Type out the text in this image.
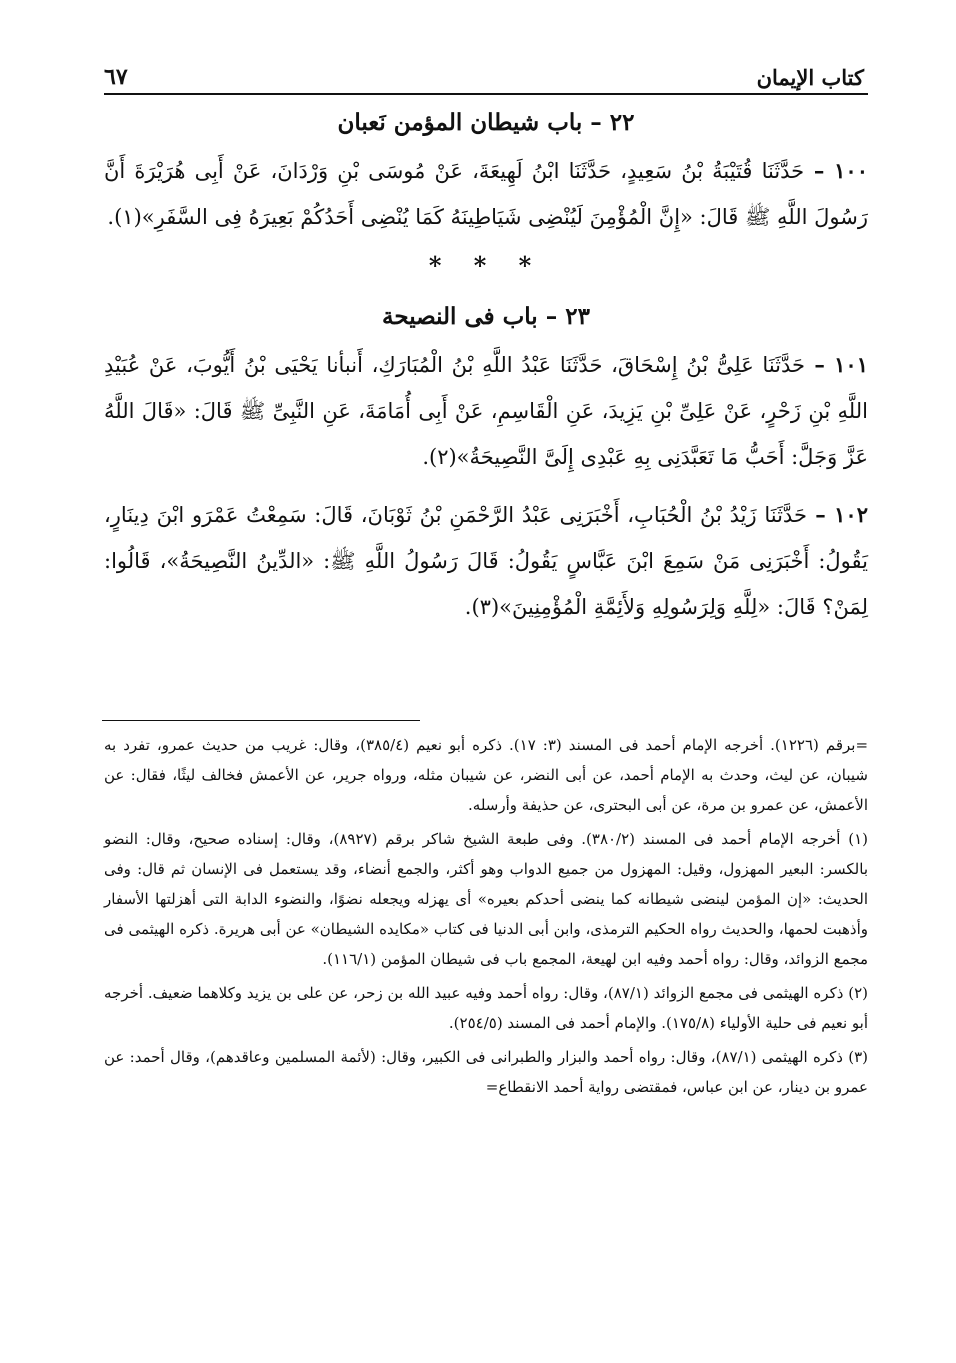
كتاب الإيمان
٦٧
٢٢ – باب شيطان المؤمن نَعبان

١٠٠ – حَدَّثَنَا قُتَيْبَةُ بْنُ سَعِيدٍ، حَدَّثَنَا ابْنُ لَهِيعَةَ، عَنْ مُوسَى بْنِ وَرْدَانَ، عَنْ أَبِى هُرَيْرَةَ أَنَّ رَسُولَ اللَّهِ ﷺ قَالَ: «إِنَّ الْمُؤْمِنَ لَيُنْضِى شَيَاطِينَهُ كَمَا يُنْضِى أَحَدُكُمْ بَعِيرَهُ فِى السَّفَرِ»(١).

* * *
٢٣ – باب فى النصيحة

١٠١ – حَدَّثَنَا عَلِىُّ بْنُ إِسْحَاقَ، حَدَّثَنَا عَبْدُ اللَّهِ بْنُ الْمُبَارَكِ، أَنبأنا يَحْيَى بْنُ أَيُّوبَ، عَنْ عُبَيْدِ اللَّهِ بْنِ زَحْرٍ، عَنْ عَلِىِّ بْنِ يَزِيدَ، عَنِ الْقَاسِمِ، عَنْ أَبِى أُمَامَةَ، عَنِ النَّبِىِّ ﷺ قَالَ: «قَالَ اللَّهُ عَزَّ وَجَلَّ: أَحَبُّ مَا تَعَبَّدَنِى بِهِ عَبْدِى إِلَىَّ النَّصِيحَةُ»(٢).

١٠٢ – حَدَّثَنَا زَيْدُ بْنُ الْحُبَابِ، أَخْبَرَنِى عَبْدُ الرَّحْمَنِ بْنُ ثَوْبَانَ، قَالَ: سَمِعْتُ عَمْرَو ابْنَ دِينَارٍ، يَقُولُ: أَخْبَرَنِى مَنْ سَمِعَ ابْنَ عَبَّاسٍ يَقُولُ: قَالَ رَسُولُ اللَّهِ ﷺ: «الدِّينُ النَّصِيحَةُ»، قَالُوا: لِمَنْ؟ قَالَ: «لِلَّهِ وَلِرَسُولِهِ وَلأَئِمَّةِ الْمُؤْمِنِينَ»(٣).

=برقم (١٢٢٦). أخرجه الإمام أحمد فى المسند (٣: ١٧). ذكره أبو نعيم (٣٨٥/٤)، وقال: غريب من حديث عمرو، تفرد به شيبان، عن ليث، وحدث به الإمام أحمد، عن أبى النضر، عن شيبان مثله، ورواه جرير، عن الأعمش فخالف ليثًا، فقال: عن الأعمش، عن عمرو بن مرة، عن أبى البحترى، عن حذيفة وأرسله.

(١) أخرجه الإمام أحمد فى المسند (٣٨٠/٢). وفى طبعة الشيخ شاكر برقم (٨٩٢٧)، وقال: إسناده صحيح، وقال: النضو بالكسر: البعير المهزول، وقيل: المهزول من جميع الدواب وهو أكثر، والجمع أنضاء، وقد يستعمل فى الإنسان ثم قال: وفى الحديث: «إن المؤمن لينضى شيطانه كما ينضى أحدكم بعيره» أى يهزله ويجعله نضوًا، والنضوء الدابة التى أهزلتها الأسفار وأذهبت لحمها، والحديث رواه الحكيم الترمذى، وابن أبى الدنيا فى كتاب «مكايده الشيطان» عن أبى هريرة. ذكره الهيثمى فى مجمع الزوائد، وقال: رواه أحمد وفيه ابن لهيعة، المجمع باب فى شيطان المؤمن (١١٦/١).

(٢) ذكره الهيثمى فى مجمع الزوائد (٨٧/١)، وقال: رواه أحمد وفيه عبيد الله بن زحر، عن على بن يزيد وكلاهما ضعيف. أخرجه أبو نعيم فى حلية الأولياء (١٧٥/٨). والإمام أحمد فى المسند (٢٥٤/٥).

(٣) ذكره الهيثمى (٨٧/١)، وقال: رواه أحمد والبزار والطبرانى فى الكبير، وقال: (لأئمة المسلمين وعاقدهم)، وقال أحمد: عن عمرو بن دينار، عن ابن عباس، فمقتضى رواية أحمد الانقطاع=
